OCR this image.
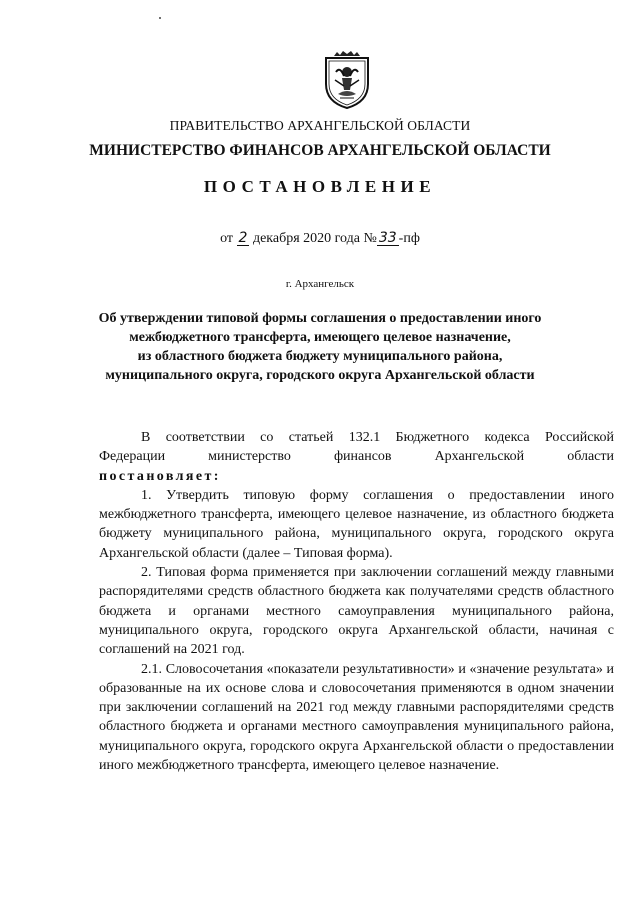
ПРАВИТЕЛЬСТВО АРХАНГЕЛЬСКОЙ ОБЛАСТИ
МИНИСТЕРСТВО ФИНАНСОВ АРХАНГЕЛЬСКОЙ ОБЛАСТИ
ПОСТАНОВЛЕНИЕ
от 2 декабря 2020 года № 33 -пф
г. Архангельск
Об утверждении типовой формы соглашения о предоставлении иного
межбюджетного трансферта, имеющего целевое назначение,
из областного бюджета бюджету муниципального района,
муниципального округа, городского округа Архангельской области

В соответствии со статьей 132.1 Бюджетного кодекса Российской

Федерации министерство финансов Архангельской области

постановляет:

1. Утвердить типовую форму соглашения о предоставлении иного межбюджетного трансферта, имеющего целевое назначение, из областного бюджета бюджету муниципального района, муниципального округа, городского округа Архангельской области (далее – Типовая форма).

2. Типовая форма применяется при заключении соглашений между главными распорядителями средств областного бюджета как получателями средств областного бюджета и органами местного самоуправления муниципального района, муниципального округа, городского округа Архангельской области, начиная с соглашений на 2021 год.

2.1. Словосочетания «показатели результативности» и «значение результата» и образованные на их основе слова и словосочетания применяются в одном значении при заключении соглашений на 2021 год между главными распорядителями средств областного бюджета и органами местного самоуправления муниципального района, муниципального округа, городского округа Архангельской области о предоставлении иного межбюджетного трансферта, имеющего целевое назначение.
